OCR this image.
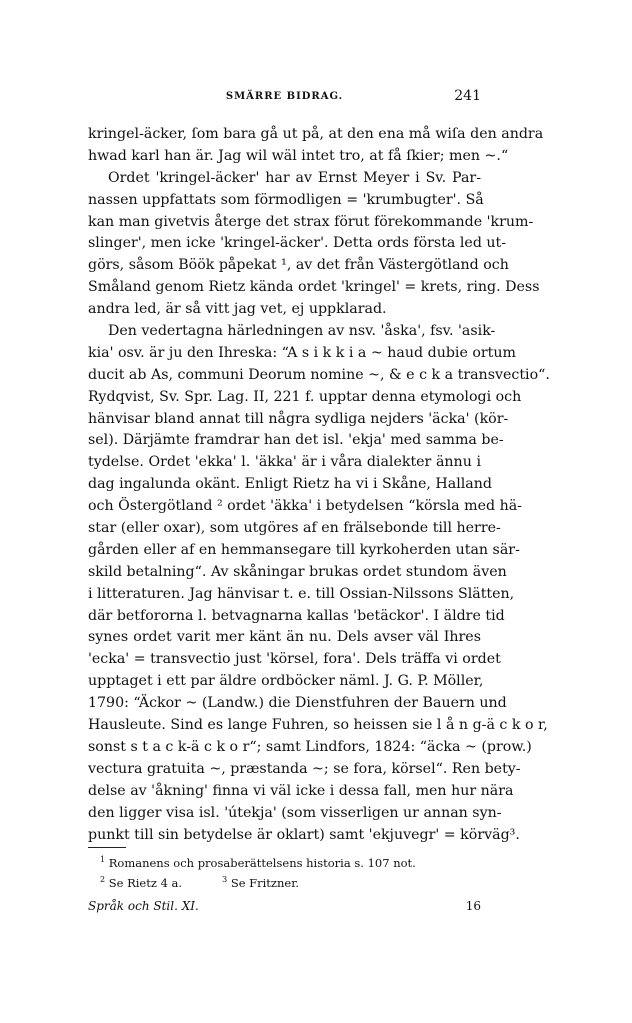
SMÄRRE BIDRAG.	241
kringel-äcker, ſom bara gå ut på, at den ena må wiſa den andra
hwad karl han är. Jag wil wäl intet tro, at få ſkier; men ~.“
Ordet 'kringel-äcker' har av Ernst Meyer i Sv. Par-
nassen uppfattats som förmodligen = 'krumbugter'. Så
kan man givetvis återge det strax förut förekommande 'krum-
slinger', men icke 'kringel-äcker'. Detta ords första led ut-
görs, såsom Böök påpekat ¹, av det från Västergötland och
Småland genom Rietz kända ordet 'kringel' = krets, ring. Dess
andra led, är så vitt jag vet, ej uppklarad.
Den vedertagna härledningen av nsv. 'åska', fsv. 'asik-
kia' osv. är ju den Ihreska: “A s i k k i a ~ haud dubie ortum
ducit ab As, communi Deorum nomine ~, & e c k a transvectio“.
Rydqvist, Sv. Spr. Lag. II, 221 f. upptar denna etymologi och
hänvisar bland annat till några sydliga nejders 'äcka' (kör-
sel). Därjämte framdrar han det isl. 'ekja' med samma be-
tydelse. Ordet 'ekka' l. 'äkka' är i våra dialekter ännu i
dag ingalunda okänt. Enligt Rietz ha vi i Skåne, Halland
och Östergötland ² ordet 'äkka' i betydelsen “körsla med hä-
star (eller oxar), som utgöres af en frälsebonde till herre-
gården eller af en hemmansegare till kyrkoherden utan sär-
skild betalning“. Av skåningar brukas ordet stundom även
i litteraturen. Jag hänvisar t. e. till Ossian-Nilssons Slätten,
där betfororna l. betvagnarna kallas 'betäckor'. I äldre tid
synes ordet varit mer känt än nu. Dels avser väl Ihres
'ecka' = transvectio just 'körsel, fora'. Dels träffa vi ordet
upptaget i ett par äldre ordböcker näml. J. G. P. Möller,
1790: “Äckor ~ (Landw.) die Dienstfuhren der Bauern und
Hausleute. Sind es lange Fuhren, so heissen sie l å n g-ä c k o r,
sonst s t a c k-ä c k o r“; samt Lindfors, 1824: “äcka ~ (prow.)
vectura gratuita ~, præstanda ~; se fora, körsel“. Ren bety-
delse av 'åkning' finna vi väl icke i dessa fall, men hur nära
den ligger visa isl. 'útekja' (som visserligen ur annan syn-
punkt till sin betydelse är oklart) samt 'ekjuvegr' = körväg³.
$^1$ Romanens och prosaberättelsens historia s. 107 not.
$^2$ Se Rietz 4 a.	$^3$ Se Fritzner.
Språk och Stil. XI.	16
